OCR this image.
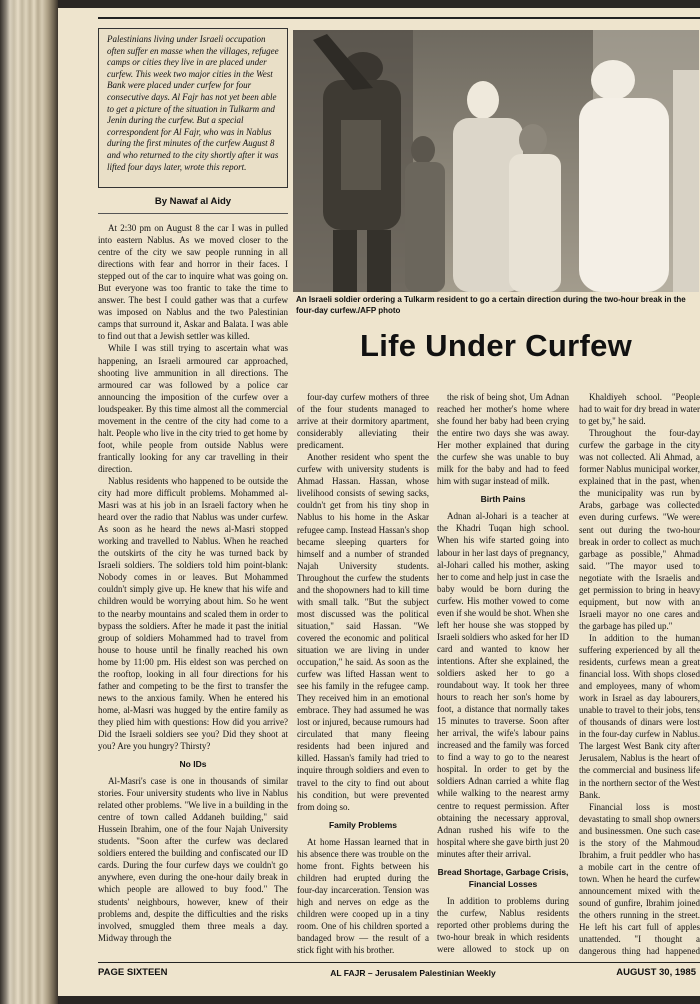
Palestinians living under Israeli occupation often suffer en masse when the villages, refugee camps or cities they live in are placed under curfew. This week two major cities in the West Bank were placed under curfew for four consecutive days. Al Fajr has not yet been able to get a picture of the situation in Tulkarm and Jenin during the curfew. But a special correspondent for Al Fajr, who was in Nablus during the first minutes of the curfew August 8 and who returned to the city shortly after it was lifted four days later, wrote this report.

By Nawaf al Aidy
An Israeli soldier ordering a Tulkarm resident to go a certain direction during the two-hour break in the four-day curfew./AFP photo
Life Under Curfew

At 2:30 pm on August 8 the car I was in pulled into eastern Nablus. As we moved closer to the centre of the city we saw people running in all directions with fear and horror in their faces. I stepped out of the car to inquire what was going on. But everyone was too frantic to take the time to answer. The best I could gather was that a curfew was imposed on Nablus and the two Palestinian camps that surround it, Askar and Balata. I was able to find out that a Jewish settler was killed.

While I was still trying to ascertain what was happening, an Israeli armoured car approached, shooting live ammunition in all directions. The armoured car was followed by a police car announcing the imposition of the curfew over a loudspeaker. By this time almost all the commercial movement in the centre of the city had come to a halt. People who live in the city tried to get home by foot, while people from outside Nablus were frantically looking for any car travelling in their direction.

Nablus residents who happened to be outside the city had more difficult problems. Mohammed al-Masri was at his job in an Israeli factory when he heard over the radio that Nablus was under curfew. As soon as he heard the news al-Masri stopped working and travelled to Nablus. When he reached the outskirts of the city he was turned back by Israeli soldiers. The soldiers told him point-blank: Nobody comes in or leaves. But Mohammed couldn't simply give up. He knew that his wife and children would be worrying about him. So he went to the nearby mountains and scaled them in order to bypass the soldiers. After he made it past the initial group of soldiers Mohammed had to travel from house to house until he finally reached his own home by 11:00 pm. His eldest son was perched on the rooftop, looking in all four directions for his father and competing to be the first to transfer the news to the anxious family. When he entered his home, al-Masri was hugged by the entire family as they plied him with questions: How did you arrive? Did the Israeli soldiers see you? Did they shoot at you? Are you hungry? Thirsty?

No IDs

Al-Masri's case is one in thousands of similar stories. Four university students who live in Nablus related other problems. "We live in a building in the centre of town called Addaneh building," said Hussein Ibrahim, one of the four Najah University students. "Soon after the curfew was declared soldiers entered the building and confiscated our ID cards. During the four curfew days we couldn't go anywhere, even during the one-hour daily break in which people are allowed to buy food." The students' neighbours, however, knew of their problems and, despite the difficulties and the risks involved, smuggled them three meals a day. Midway through the

four-day curfew mothers of three of the four students managed to arrive at their dormitory apartment, considerably alleviating their predicament.

Another resident who spent the curfew with university students is Ahmad Hassan. Hassan, whose livelihood consists of sewing sacks, couldn't get from his tiny shop in Nablus to his home in the Askar refugee camp. Instead Hassan's shop became sleeping quarters for himself and a number of stranded Najah University students. Throughout the curfew the students and the shopowners had to kill time with small talk. "But the subject most discussed was the political situation," said Hassan. "We covered the economic and political situation we are living in under occupation," he said. As soon as the curfew was lifted Hassan went to see his family in the refugee camp. They received him in an emotional embrace. They had assumed he was lost or injured, because rumours had circulated that many fleeing residents had been injured and killed. Hassan's family had tried to inquire through soldiers and even to travel to the city to find out about his condition, but were prevented from doing so.

Family Problems

At home Hassan learned that in his absence there was trouble on the home front. Fights between his children had erupted during the four-day incarceration. Tension was high and nerves on edge as the children were cooped up in a tiny room. One of his children sported a bandaged brow — the result of a stick fight with his brother.

the risk of being shot, Um Adnan reached her mother's home where she found her baby had been crying the entire two days she was away. Her mother explained that during the curfew she was unable to buy milk for the baby and had to feed him with sugar instead of milk.

Birth Pains

Adnan al-Johari is a teacher at the Khadri Tuqan high school. When his wife started going into labour in her last days of pregnancy, al-Johari called his mother, asking her to come and help just in case the baby would be born during the curfew. His mother vowed to come even if she would be shot. When she left her house she was stopped by Israeli soldiers who asked for her ID card and wanted to know her intentions. After she explained, the soldiers asked her to go a roundabout way. It took her three hours to reach her son's home by foot, a distance that normally takes 15 minutes to traverse. Soon after her arrival, the wife's labour pains increased and the family was forced to find a way to go to the nearest hospital. In order to get by the soldiers Adnan carried a white flag while walking to the nearest army centre to request permission. After obtaining the necessary approval, Adnan rushed his wife to the hospital where she gave birth just 20 minutes after their arrival.

Bread Shortage, Garbage Crisis, Financial Losses

In addition to problems during the curfew, Nablus residents reported other problems during the two-hour break in which residents were allowed to stock up on

Khaldiyeh school. "People had to wait for dry bread in water to get by," he said.

Throughout the four-day curfew the garbage in the city was not collected. Ali Ahmad, a former Nablus municipal worker, explained that in the past, when the municipality was run by Arabs, garbage was collected even during curfews. "We were sent out during the two-hour break in order to collect as much garbage as possible," Ahmad said. "The mayor used to negotiate with the Israelis and get permission to bring in heavy equipment, but now with an Israeli mayor no one cares and the garbage has piled up."

In addition to the human suffering experienced by all the residents, curfews mean a great financial loss. With shops closed and employees, many of whom work in Israel as day labourers, unable to travel to their jobs, tens of thousands of dinars were lost in the four-day curfew in Nablus. The largest West Bank city after Jerusalem, Nablus is the heart of the commercial and business life in the northern sector of the West Bank.

Financial loss is most devastating to small shop owners and businessmen. One such case is the story of the Mahmoud Ibrahim, a fruit peddler who has a mobile cart in the centre of town. When he heard the curfew announcement mixed with the sound of gunfire, Ibrahim joined the others running in the street. He left his cart full of apples unattended. "I thought a dangerous thing had happened

PAGE SIXTEEN	AL FAJR – Jerusalem Palestinian Weekly	AUGUST 30, 1985
